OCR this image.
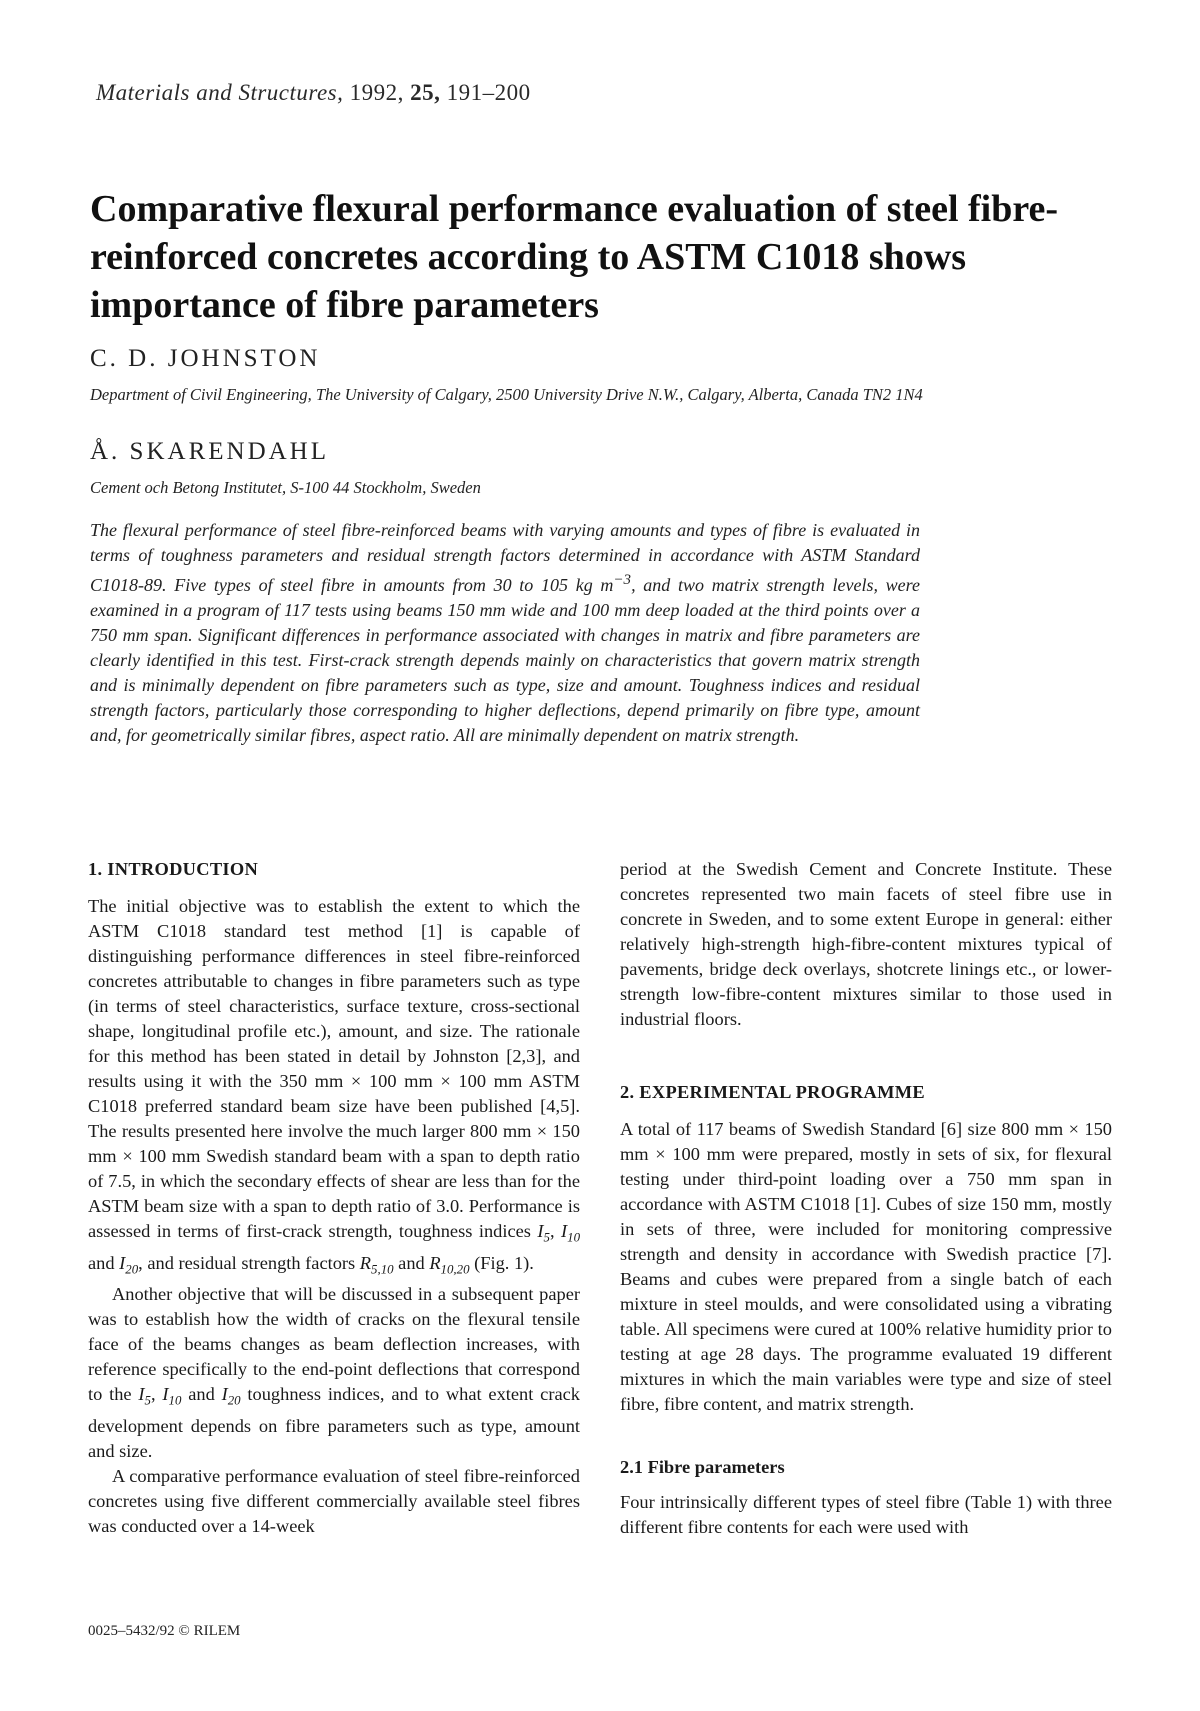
Materials and Structures, 1992, 25, 191–200
Comparative flexural performance evaluation of steel fibre-reinforced concretes according to ASTM C1018 shows importance of fibre parameters
C. D. JOHNSTON
Department of Civil Engineering, The University of Calgary, 2500 University Drive N.W., Calgary, Alberta, Canada TN2 1N4
Å. SKARENDAHL
Cement och Betong Institutet, S-100 44 Stockholm, Sweden
The flexural performance of steel fibre-reinforced beams with varying amounts and types of fibre is evaluated in terms of toughness parameters and residual strength factors determined in accordance with ASTM Standard C1018-89. Five types of steel fibre in amounts from 30 to 105 kg $m^{-3}$, and two matrix strength levels, were examined in a program of 117 tests using beams 150 mm wide and 100 mm deep loaded at the third points over a 750 mm span. Significant differences in performance associated with changes in matrix and fibre parameters are clearly identified in this test. First-crack strength depends mainly on characteristics that govern matrix strength and is minimally dependent on fibre parameters such as type, size and amount. Toughness indices and residual strength factors, particularly those corresponding to higher deflections, depend primarily on fibre type, amount and, for geometrically similar fibres, aspect ratio. All are minimally dependent on matrix strength.
1. INTRODUCTION

The initial objective was to establish the extent to which the ASTM C1018 standard test method [1] is capable of distinguishing performance differences in steel fibre-reinforced concretes attributable to changes in fibre parameters such as type (in terms of steel characteristics, surface texture, cross-sectional shape, longitudinal profile etc.), amount, and size. The rationale for this method has been stated in detail by Johnston [2,3], and results using it with the 350 mm × 100 mm × 100 mm ASTM C1018 preferred standard beam size have been published [4,5]. The results presented here involve the much larger 800 mm × 150 mm × 100 mm Swedish standard beam with a span to depth ratio of 7.5, in which the secondary effects of shear are less than for the ASTM beam size with a span to depth ratio of 3.0. Performance is assessed in terms of first-crack strength, toughness indices $I_5$, $I_{10}$ and $I_{20}$, and residual strength factors $R_{5,10}$ and $R_{10,20}$ (Fig. 1).

Another objective that will be discussed in a subsequent paper was to establish how the width of cracks on the flexural tensile face of the beams changes as beam deflection increases, with reference specifically to the end-point deflections that correspond to the $I_5$, $I_{10}$ and $I_{20}$ toughness indices, and to what extent crack development depends on fibre parameters such as type, amount and size.

A comparative performance evaluation of steel fibre-reinforced concretes using five different commercially available steel fibres was conducted over a 14-week

period at the Swedish Cement and Concrete Institute. These concretes represented two main facets of steel fibre use in concrete in Sweden, and to some extent Europe in general: either relatively high-strength high-fibre-content mixtures typical of pavements, bridge deck overlays, shotcrete linings etc., or lower-strength low-fibre-content mixtures similar to those used in industrial floors.

2. EXPERIMENTAL PROGRAMME

A total of 117 beams of Swedish Standard [6] size 800 mm × 150 mm × 100 mm were prepared, mostly in sets of six, for flexural testing under third-point loading over a 750 mm span in accordance with ASTM C1018 [1]. Cubes of size 150 mm, mostly in sets of three, were included for monitoring compressive strength and density in accordance with Swedish practice [7]. Beams and cubes were prepared from a single batch of each mixture in steel moulds, and were consolidated using a vibrating table. All specimens were cured at 100% relative humidity prior to testing at age 28 days. The programme evaluated 19 different mixtures in which the main variables were type and size of steel fibre, fibre content, and matrix strength.

2.1 Fibre parameters

Four intrinsically different types of steel fibre (Table 1) with three different fibre contents for each were used with

0025–5432/92 © RILEM
